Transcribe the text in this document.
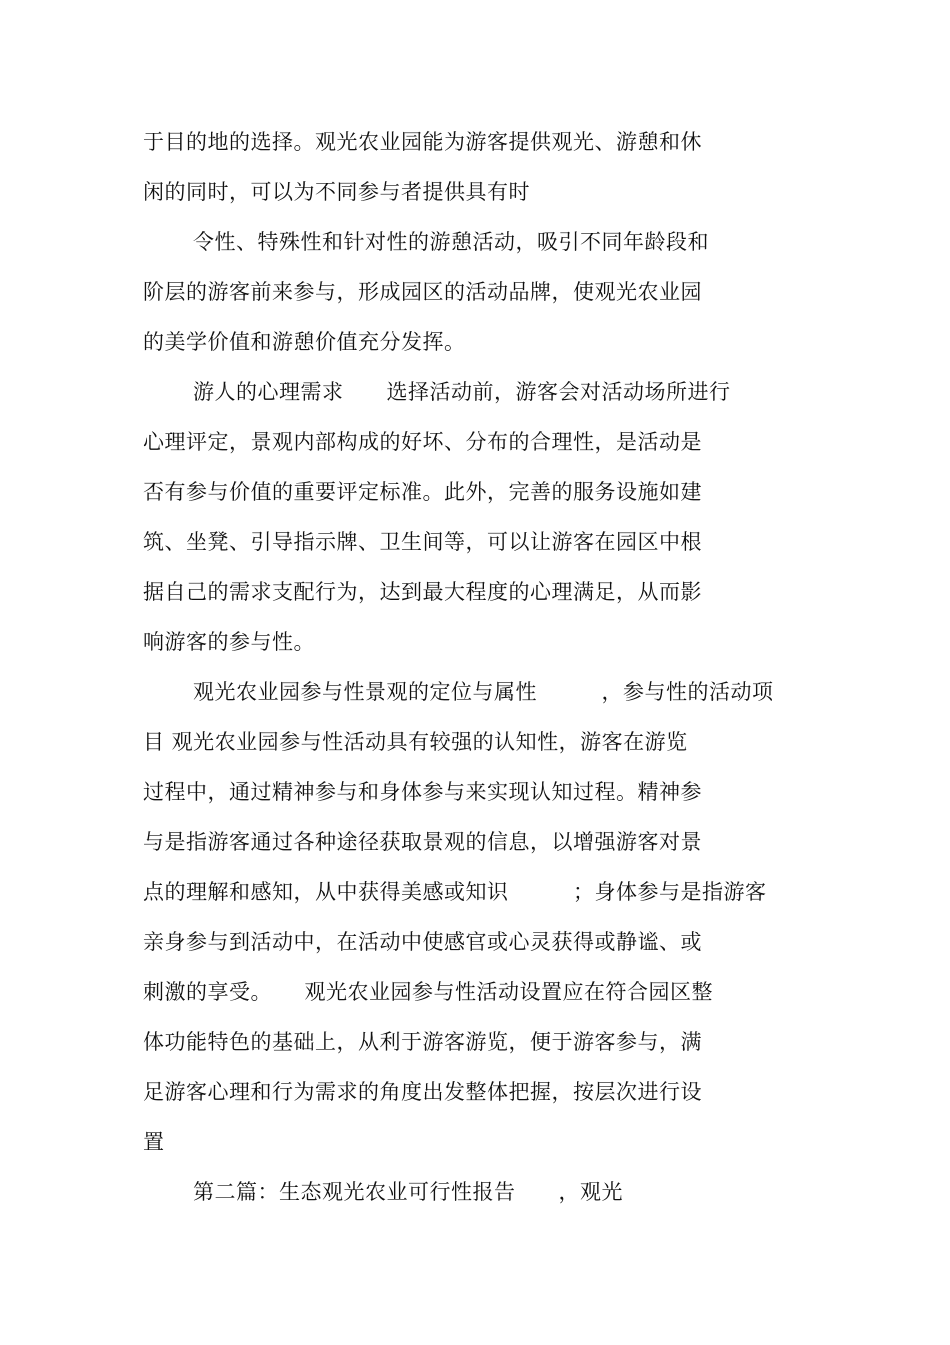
于目的地的选择。观光农业园能为游客提供观光、游憩和休
闲的同时，可以为不同参与者提供具有时
令性、特殊性和针对性的游憩活动，吸引不同年龄段和
阶层的游客前来参与，形成园区的活动品牌，使观光农业园
的美学价值和游憩价值充分发挥。
游人的心理需求　　选择活动前，游客会对活动场所进行
心理评定，景观内部构成的好坏、分布的合理性，是活动是
否有参与价值的重要评定标准。此外，完善的服务设施如建
筑、坐凳、引导指示牌、卫生间等，可以让游客在园区中根
据自己的需求支配行为，达到最大程度的心理满足，从而影
响游客的参与性。
观光农业园参与性景观的定位与属性　　　，参与性的活动项
目 观光农业园参与性活动具有较强的认知性，游客在游览
过程中，通过精神参与和身体参与来实现认知过程。精神参
与是指游客通过各种途径获取景观的信息，以增强游客对景
点的理解和感知，从中获得美感或知识　　　；身体参与是指游客
亲身参与到活动中，在活动中使感官或心灵获得或静谧、或
刺激的享受。　　观光农业园参与性活动设置应在符合园区整
体功能特色的基础上，从利于游客游览，便于游客参与，满
足游客心理和行为需求的角度出发整体把握，按层次进行设
置
第二篇：生态观光农业可行性报告　　，观光
